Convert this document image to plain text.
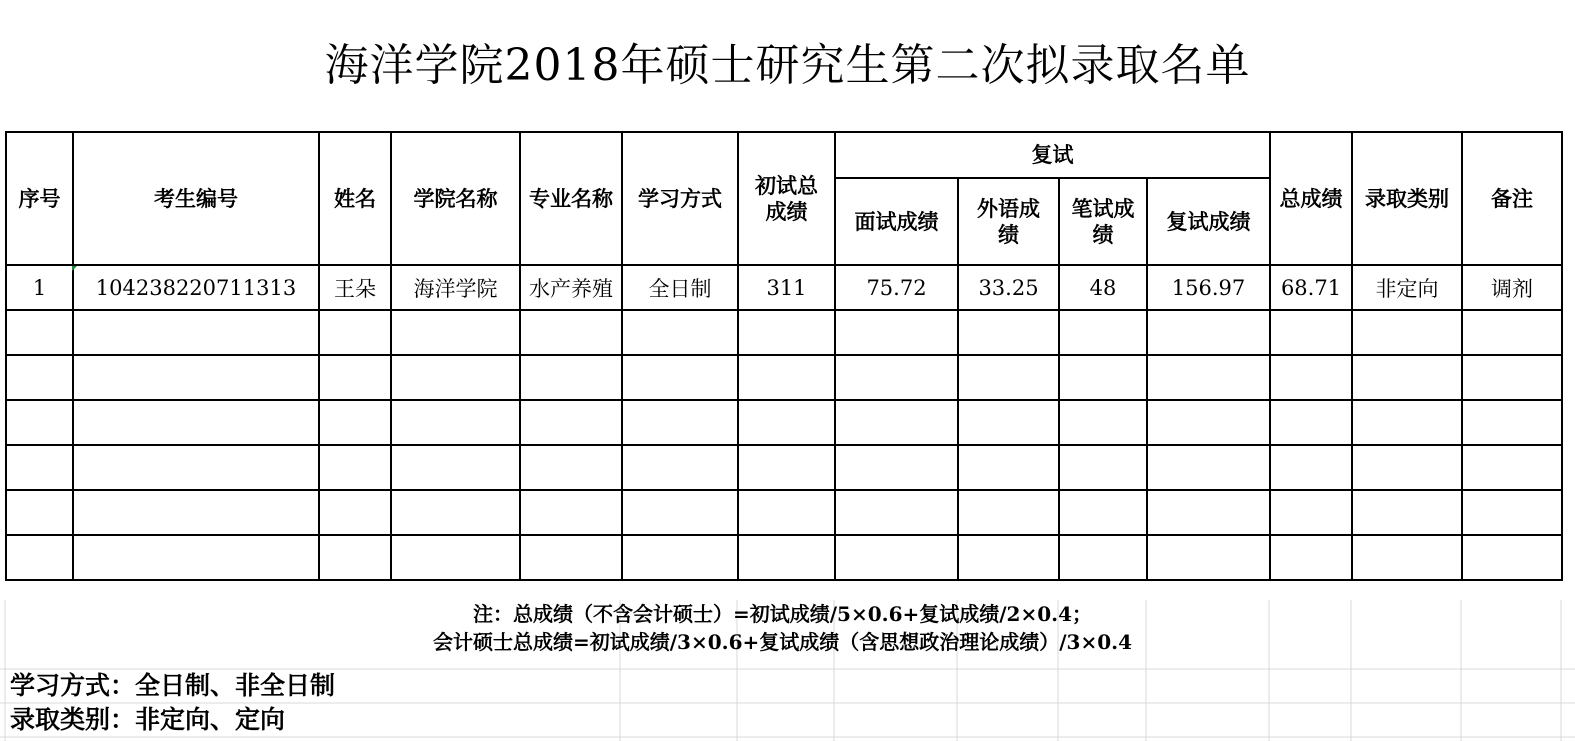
海洋学院2018年硕士研究生第二次拟录取名单
序号	考生编号	姓名	学院名称	专业名称	学习方式	初试总成绩	复试				总成绩	录取类别	备注
							面试成绩	外语成绩	笔试成绩	复试成绩			
1	104238220711313	王朵	海洋学院	水产养殖	全日制	311	75.72	33.25	48	156.97	68.71	非定向	调剂

注：总成绩（不含会计硕士）=初试成绩/5×0.6+复试成绩/2×0.4；
会计硕士总成绩=初试成绩/3×0.6+复试成绩（含思想政治理论成绩）/3×0.4
学习方式：全日制、非全日制
录取类别：非定向、定向
